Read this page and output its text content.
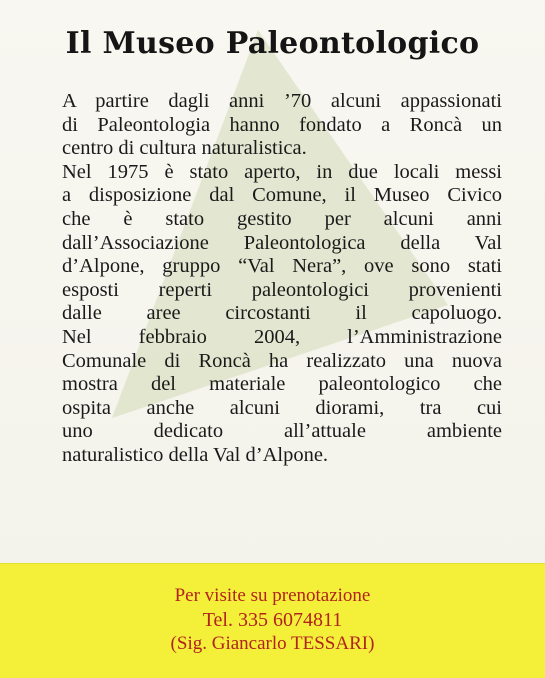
Il Museo Paleontologico
A partire dagli anni ’70 alcuni appassionati
di Paleontologia hanno fondato a Roncà un
centro di cultura naturalistica.
Nel 1975 è stato aperto, in due locali messi
a disposizione dal Comune, il Museo Civico
che è stato gestito per alcuni anni
dall’Associazione Paleontologica della Val
d’Alpone, gruppo “Val Nera”, ove sono stati
esposti reperti paleontologici provenienti
dalle aree circostanti il capoluogo.
Nel febbraio 2004, l’Amministrazione
Comunale di Roncà ha realizzato una nuova
mostra del materiale paleontologico che
ospita anche alcuni diorami, tra cui
uno dedicato all’attuale ambiente
naturalistico della Val d’Alpone.
Per visite su prenotazione
Tel. 335 6074811
(Sig. Giancarlo TESSARI)
